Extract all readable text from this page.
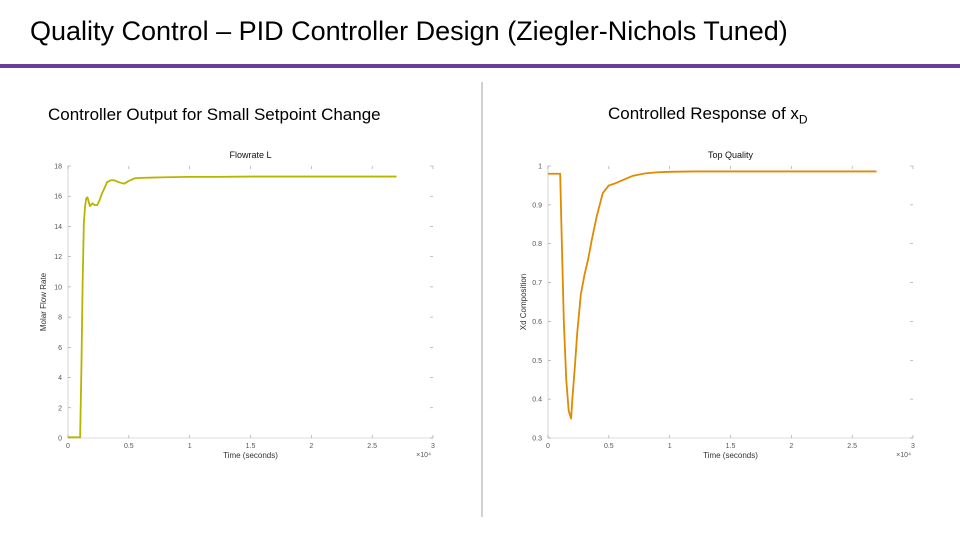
Quality Control – PID Controller Design (Ziegler-Nichols Tuned)
Controller Output for Small Setpoint Change	Controlled Response of $x_D$
0
2
4
6
8
10
12
14
16
18
0	0.5	1	1.5	2	2.5	3
×10⁴
Flowrate L
Time (seconds)
Molar Flow Rate
0.3
0.4
0.5
0.6
0.7
0.8
0.9
1
0	0.5	1	1.5	2	2.5	3
×10⁴
Top Quality
Time (seconds)
Xd Composition
